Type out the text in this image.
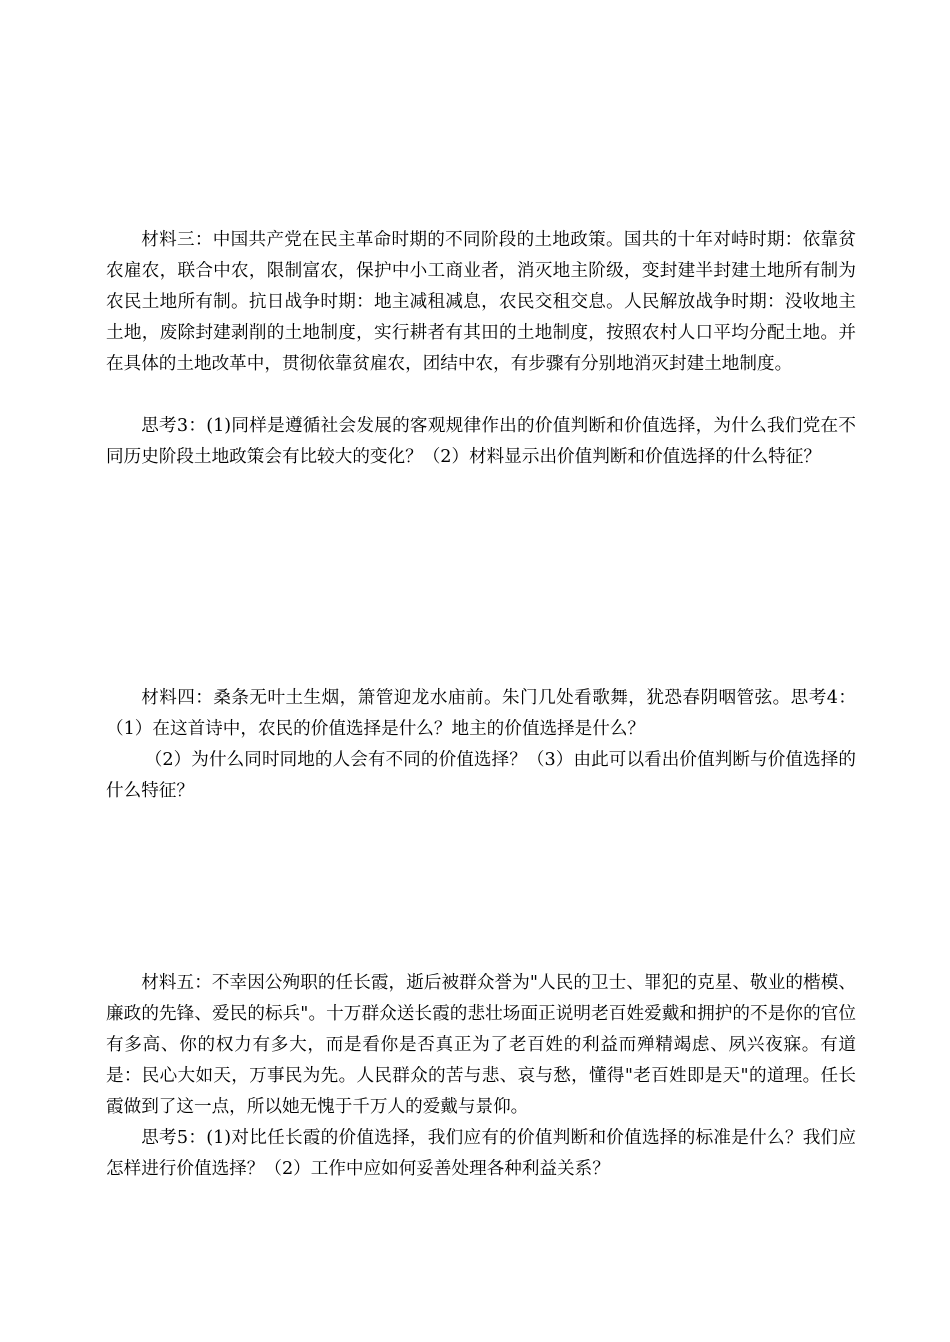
材料三：中国共产党在民主革命时期的不同阶段的土地政策。国共的十年对峙时期：依靠贫农雇农，联合中农，限制富农，保护中小工商业者，消灭地主阶级，变封建半封建土地所有制为农民土地所有制。抗日战争时期：地主减租减息，农民交租交息。人民解放战争时期：没收地主土地，废除封建剥削的土地制度，实行耕者有其田的土地制度，按照农村人口平均分配土地。并在具体的土地改革中，贯彻依靠贫雇农，团结中农，有步骤有分别地消灭封建土地制度。

思考3：(1)同样是遵循社会发展的客观规律作出的价值判断和价值选择，为什么我们党在不同历史阶段土地政策会有比较大的变化？（2）材料显示出价值判断和价值选择的什么特征？

材料四：桑条无叶土生烟，箫管迎龙水庙前。朱门几处看歌舞，犹恐春阴咽管弦。思考4：（1）在这首诗中，农民的价值选择是什么？地主的价值选择是什么？

（2）为什么同时同地的人会有不同的价值选择？（3）由此可以看出价值判断与价值选择的什么特征？

材料五：不幸因公殉职的任长霞，逝后被群众誉为"人民的卫士、罪犯的克星、敬业的楷模、廉政的先锋、爱民的标兵"。十万群众送长霞的悲壮场面正说明老百姓爱戴和拥护的不是你的官位有多高、你的权力有多大，而是看你是否真正为了老百姓的利益而殚精竭虑、夙兴夜寐。有道是：民心大如天，万事民为先。人民群众的苦与悲、哀与愁，懂得"老百姓即是天"的道理。任长霞做到了这一点，所以她无愧于千万人的爱戴与景仰。

思考5：(1)对比任长霞的价值选择，我们应有的价值判断和价值选择的标准是什么？我们应怎样进行价值选择？（2）工作中应如何妥善处理各种利益关系？
